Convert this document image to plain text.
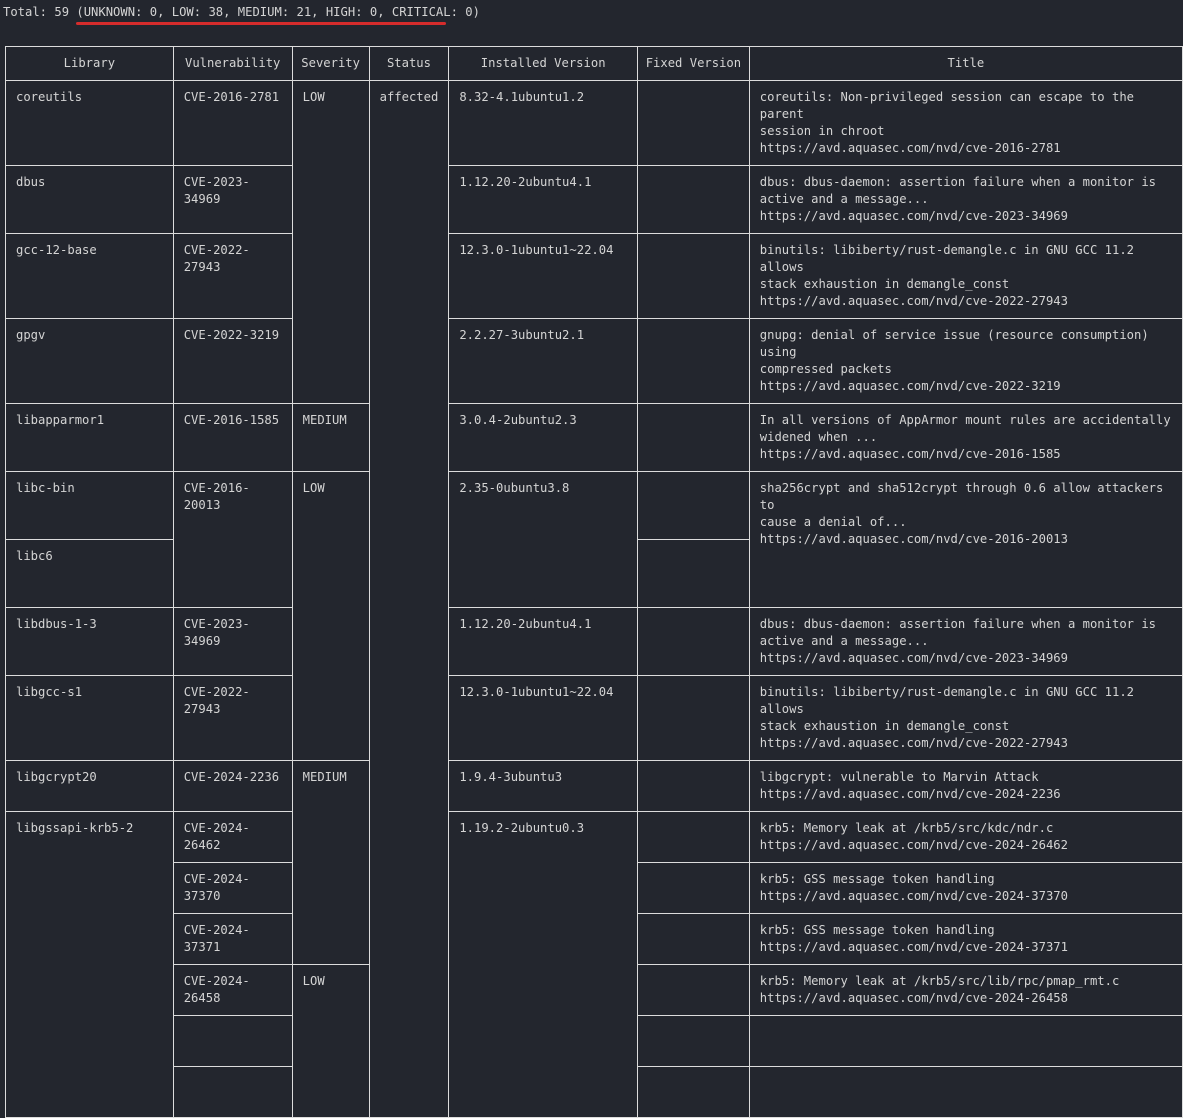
Total: 59 (UNKNOWN: 0, LOW: 38, MEDIUM: 21, HIGH: 0, CRITICAL: 0)
Library	Vulnerability	Severity	Status	Installed Version	Fixed Version	Title
coreutils	CVE-2016-2781	LOW	affected	8.32-4.1ubuntu1.2		coreutils: Non-privileged session can escape to the parent
session in chroot
https://avd.aquasec.com/nvd/cve-2016-2781

dbus	CVE-2023-34969			1.12.20-2ubuntu4.1		dbus: dbus-daemon: assertion failure when a monitor is
active and a message...
https://avd.aquasec.com/nvd/cve-2023-34969

gcc-12-base	CVE-2022-27943			12.3.0-1ubuntu1~22.04		binutils: libiberty/rust-demangle.c in GNU GCC 11.2 allows
stack exhaustion in demangle_const
https://avd.aquasec.com/nvd/cve-2022-27943

gpgv	CVE-2022-3219			2.2.27-3ubuntu2.1		gnupg: denial of service issue (resource consumption) using
compressed packets
https://avd.aquasec.com/nvd/cve-2022-3219

libapparmor1	CVE-2016-1585	MEDIUM		3.0.4-2ubuntu2.3		In all versions of AppArmor mount rules are accidentally
widened when ...
https://avd.aquasec.com/nvd/cve-2016-1585

libc-bin	CVE-2016-20013	LOW		2.35-0ubuntu3.8		sha256crypt and sha512crypt through 0.6 allow attackers to
cause a denial of...
https://avd.aquasec.com/nvd/cve-2016-20013

libc6						
libdbus-1-3	CVE-2023-34969			1.12.20-2ubuntu4.1		dbus: dbus-daemon: assertion failure when a monitor is
active and a message...
https://avd.aquasec.com/nvd/cve-2023-34969

libgcc-s1	CVE-2022-27943			12.3.0-1ubuntu1~22.04		binutils: libiberty/rust-demangle.c in GNU GCC 11.2 allows
stack exhaustion in demangle_const
https://avd.aquasec.com/nvd/cve-2022-27943

libgcrypt20	CVE-2024-2236	MEDIUM		1.9.4-3ubuntu3		libgcrypt: vulnerable to Marvin Attack
https://avd.aquasec.com/nvd/cve-2024-2236

libgssapi-krb5-2	CVE-2024-26462			1.19.2-2ubuntu0.3		krb5: Memory leak at /krb5/src/kdc/ndr.c
https://avd.aquasec.com/nvd/cve-2024-26462

	CVE-2024-37370					krb5: GSS message token handling
https://avd.aquasec.com/nvd/cve-2024-37370

	CVE-2024-37371					krb5: GSS message token handling
https://avd.aquasec.com/nvd/cve-2024-37371

	CVE-2024-26458	LOW				krb5: Memory leak at /krb5/src/lib/rpc/pmap_rmt.c
https://avd.aquasec.com/nvd/cve-2024-26458
